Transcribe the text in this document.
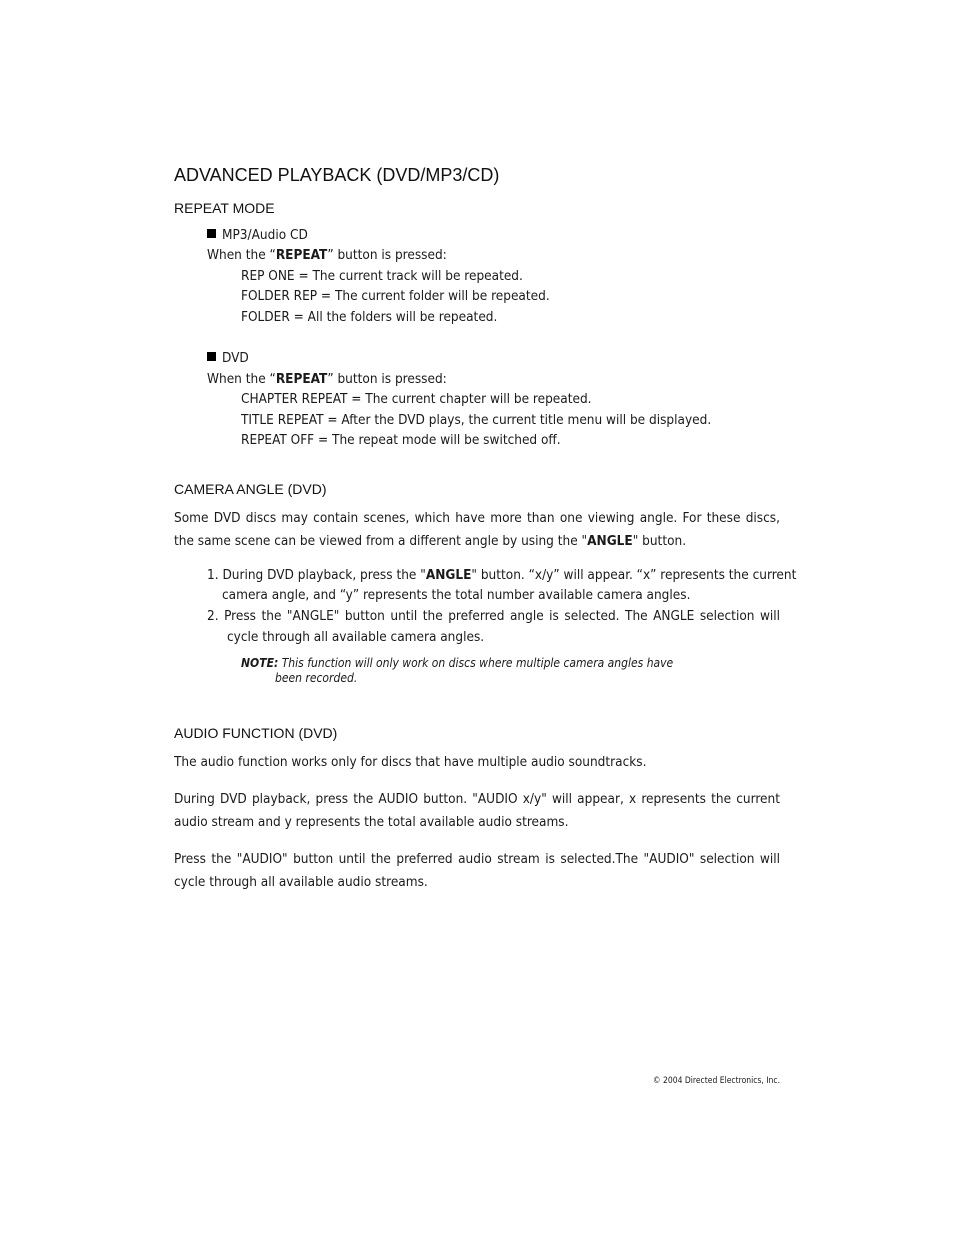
ADVANCED PLAYBACK (DVD/MP3/CD)
REPEAT MODE
MP3/Audio CD
When the “REPEAT” button is pressed:
REP ONE = The current track will be repeated.
FOLDER REP = The current folder will be repeated.
FOLDER = All the folders will be repeated.
DVD
When the “REPEAT” button is pressed:
CHAPTER REPEAT = The current chapter will be repeated.
TITLE REPEAT = After the DVD plays, the current title menu will be displayed.
REPEAT OFF = The repeat mode will be switched off.
CAMERA ANGLE (DVD)
Some DVD discs may contain scenes, which have more than one viewing angle. For these discs, the same scene can be viewed from a different angle by using the "ANGLE" button.
1. During DVD playback, press the "ANGLE" button. “x/y” will appear. “x” represents the current
camera angle, and “y” represents the total number available camera angles.
2. Press the "ANGLE" button until the preferred angle is selected. The ANGLE selection will
cycle through all available camera angles.
NOTE: This function will only work on discs where multiple camera angles have
been recorded.
AUDIO FUNCTION (DVD)
The audio function works only for discs that have multiple audio soundtracks.
During DVD playback, press the AUDIO button. "AUDIO x/y" will appear, x represents the current audio stream and y represents the total available audio streams.
Press the "AUDIO" button until the preferred audio stream is selected.The "AUDIO" selection will cycle through all available audio streams.
© 2004 Directed Electronics, Inc.
